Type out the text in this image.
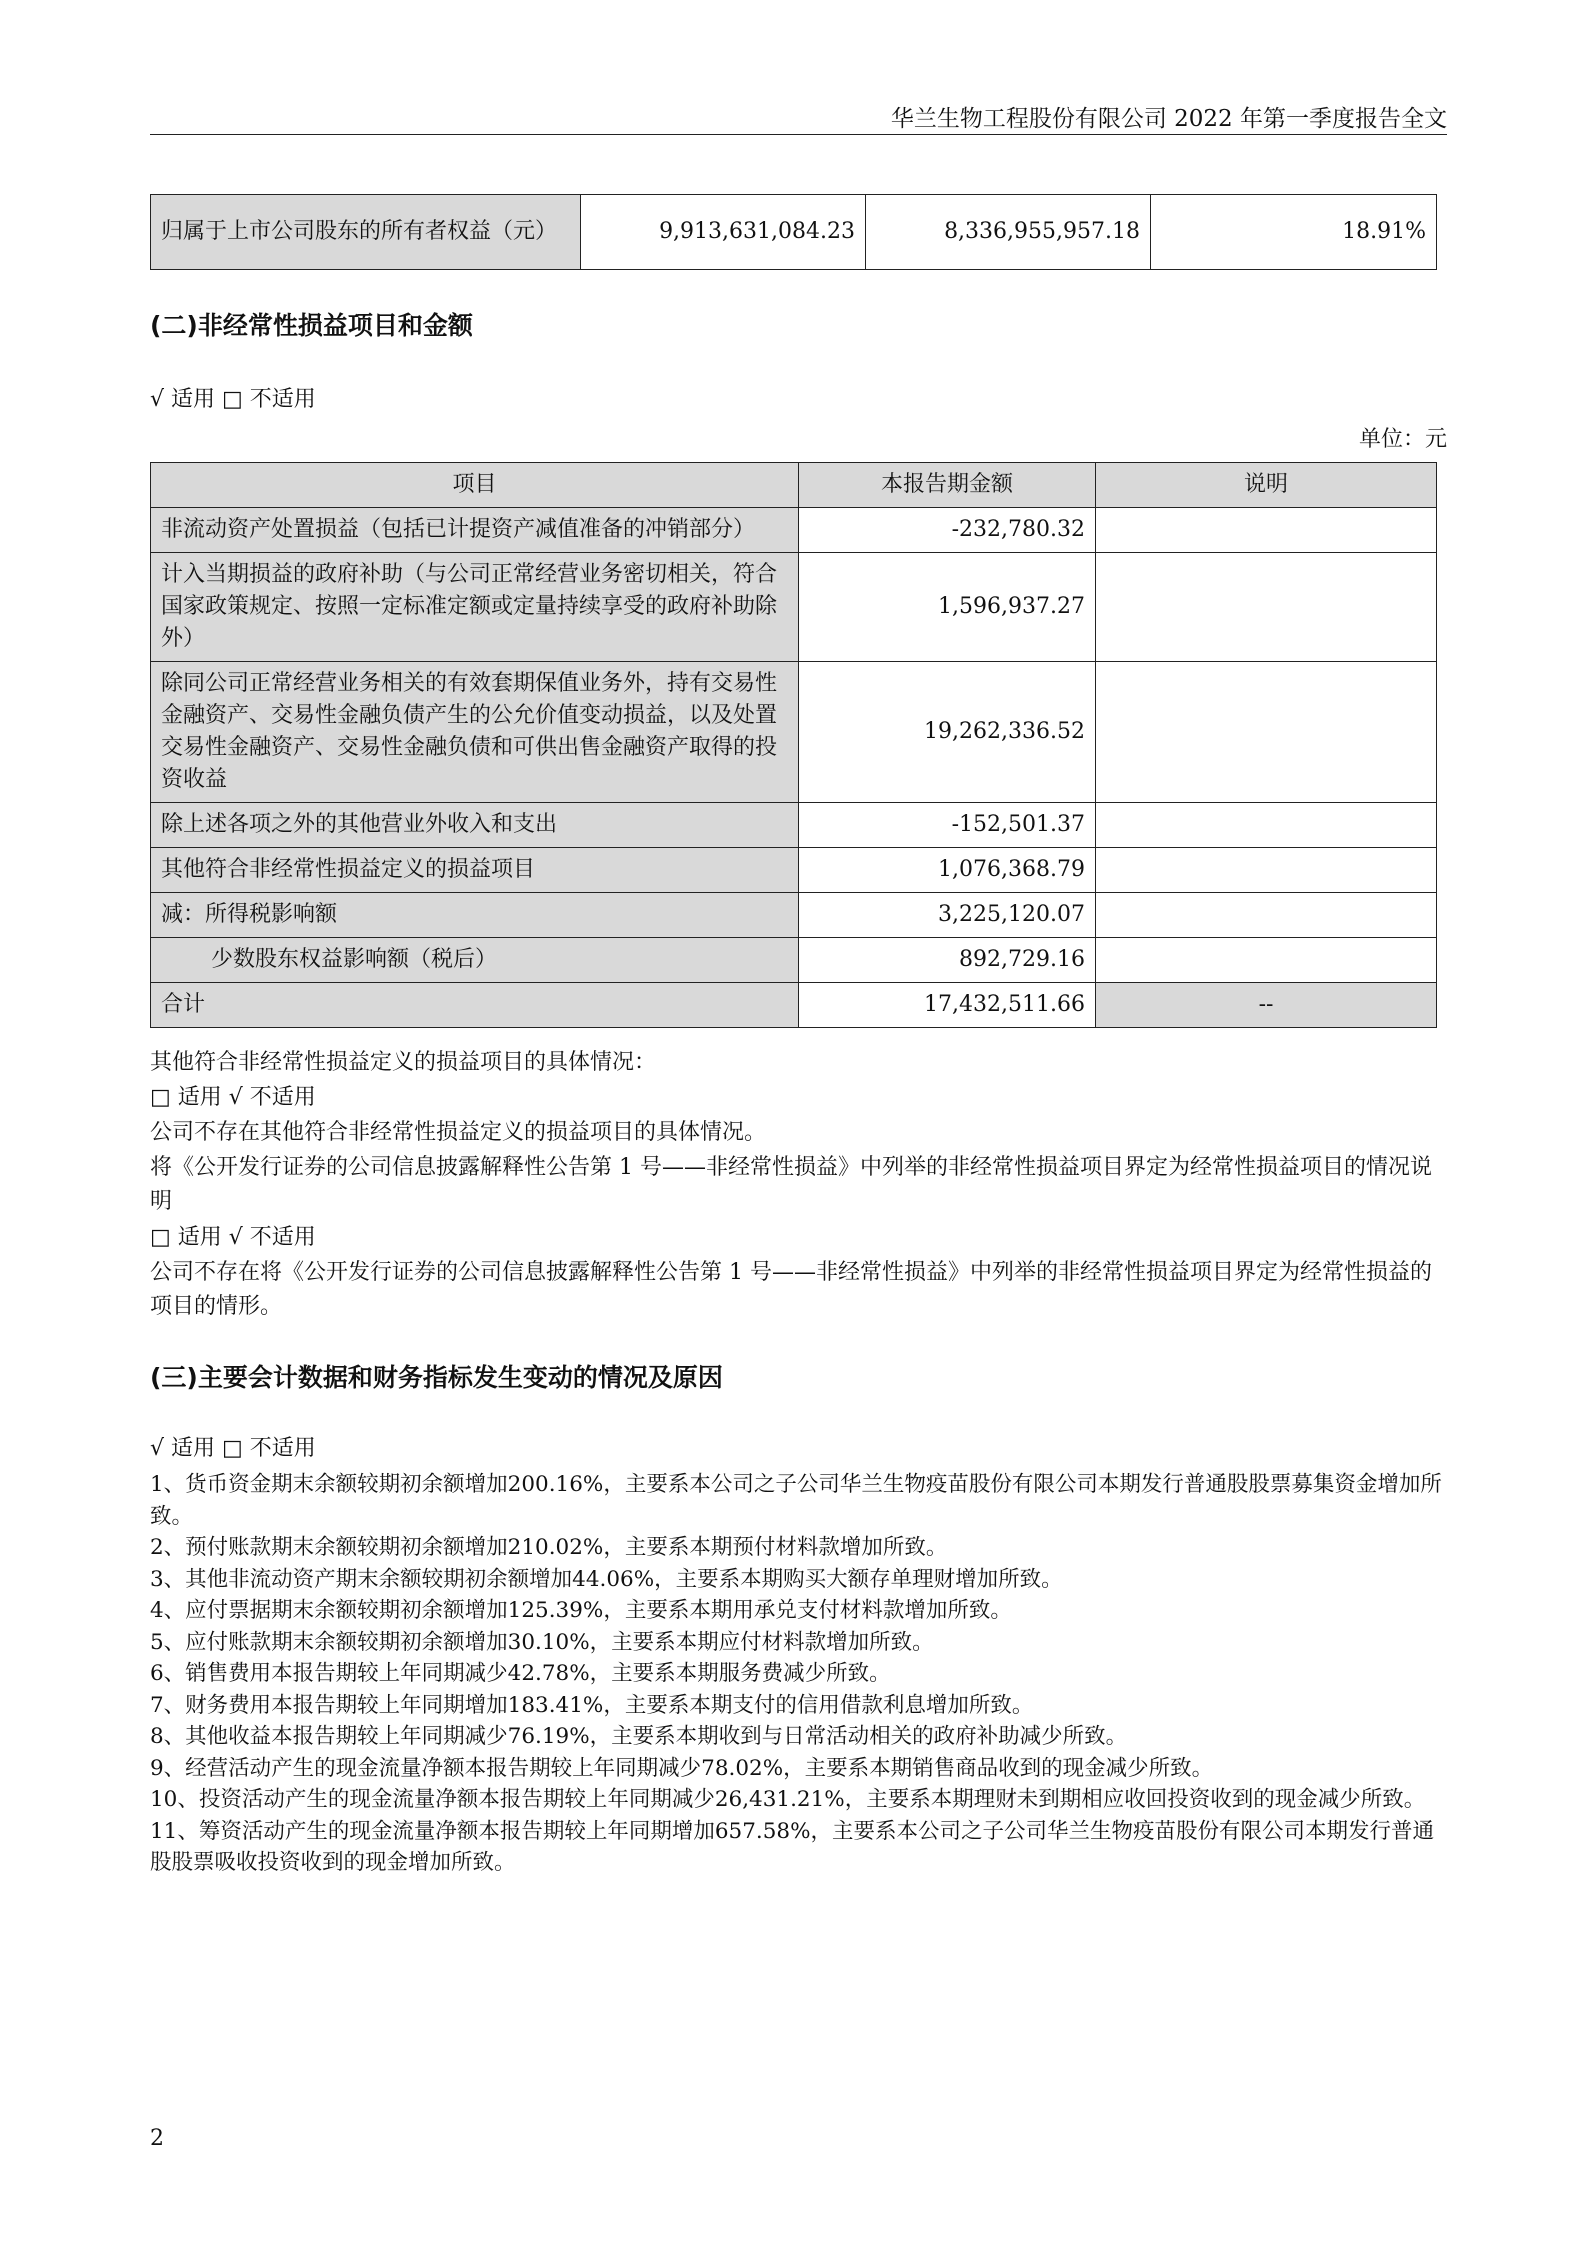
华兰生物工程股份有限公司 2022 年第一季度报告全文
归属于上市公司股东的所有者权益（元）	9,913,631,084.23	8,336,955,957.18	18.91%
(二)非经常性损益项目和金额
√ 适用 □ 不适用
单位：元
项目	本报告期金额	说明
非流动资产处置损益（包括已计提资产减值准备的冲销部分）	-232,780.32	
计入当期损益的政府补助（与公司正常经营业务密切相关，符合国家政策规定、按照一定标准定额或定量持续享受的政府补助除外）	1,596,937.27	
除同公司正常经营业务相关的有效套期保值业务外，持有交易性金融资产、交易性金融负债产生的公允价值变动损益，以及处置交易性金融资产、交易性金融负债和可供出售金融资产取得的投资收益	19,262,336.52	
除上述各项之外的其他营业外收入和支出	-152,501.37	
其他符合非经常性损益定义的损益项目	1,076,368.79	
减：所得税影响额	3,225,120.07	
少数股东权益影响额（税后）	892,729.16	
合计	17,432,511.66	--
其他符合非经常性损益定义的损益项目的具体情况：
□ 适用 √ 不适用
公司不存在其他符合非经常性损益定义的损益项目的具体情况。
将《公开发行证券的公司信息披露解释性公告第 1 号——非经常性损益》中列举的非经常性损益项目界定为经常性损益项目的情况说明
□ 适用 √ 不适用
公司不存在将《公开发行证券的公司信息披露解释性公告第 1 号——非经常性损益》中列举的非经常性损益项目界定为经常性损益的项目的情形。
(三)主要会计数据和财务指标发生变动的情况及原因
√ 适用 □ 不适用
1、货币资金期末余额较期初余额增加200.16%，主要系本公司之子公司华兰生物疫苗股份有限公司本期发行普通股股票募集资金增加所致。
2、预付账款期末余额较期初余额增加210.02%，主要系本期预付材料款增加所致。
3、其他非流动资产期末余额较期初余额增加44.06%，主要系本期购买大额存单理财增加所致。
4、应付票据期末余额较期初余额增加125.39%，主要系本期用承兑支付材料款增加所致。
5、应付账款期末余额较期初余额增加30.10%，主要系本期应付材料款增加所致。
6、销售费用本报告期较上年同期减少42.78%，主要系本期服务费减少所致。
7、财务费用本报告期较上年同期增加183.41%，主要系本期支付的信用借款利息增加所致。
8、其他收益本报告期较上年同期减少76.19%，主要系本期收到与日常活动相关的政府补助减少所致。
9、经营活动产生的现金流量净额本报告期较上年同期减少78.02%，主要系本期销售商品收到的现金减少所致。
10、投资活动产生的现金流量净额本报告期较上年同期减少26,431.21%，主要系本期理财未到期相应收回投资收到的现金减少所致。
11、筹资活动产生的现金流量净额本报告期较上年同期增加657.58%，主要系本公司之子公司华兰生物疫苗股份有限公司本期发行普通股股票吸收投资收到的现金增加所致。
2
